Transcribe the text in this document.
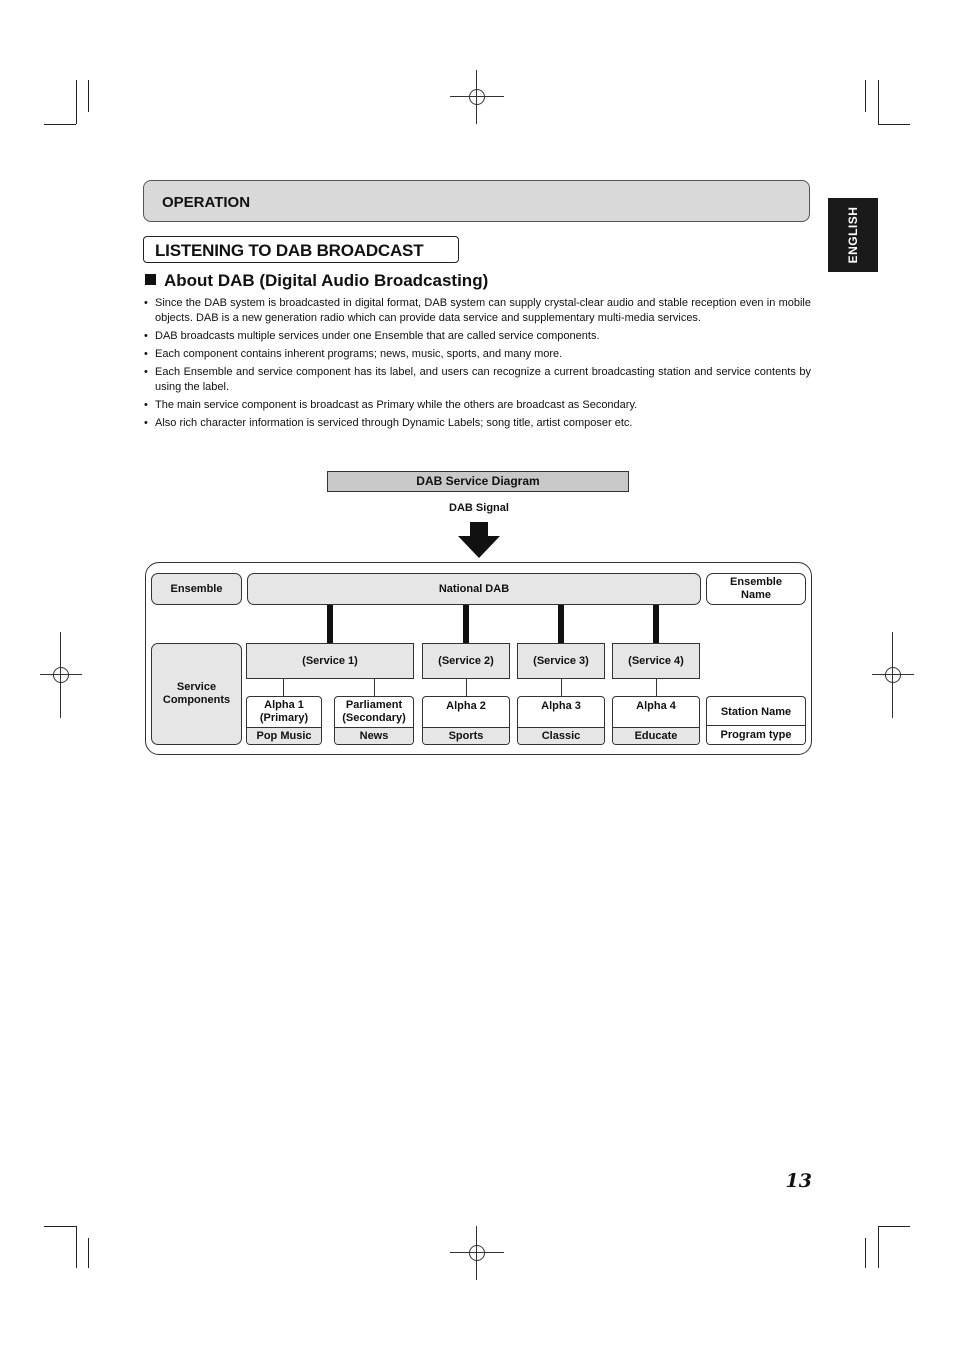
OPERATION
ENGLISH
LISTENING TO DAB BROADCAST
About DAB (Digital Audio Broadcasting)
• Since the DAB system is broadcasted in digital format, DAB system can supply crystal-clear audio and stable reception even in mobile objects. DAB is a new generation radio which can provide data service and supplementary multi-media services.
• DAB broadcasts multiple services under one Ensemble that are called service components.
• Each component contains inherent programs; news, music, sports, and many more.
• Each Ensemble and service component has its label, and users can recognize a current broadcasting station and service contents by using the label.
• The main service component is broadcast as Primary while the others are broadcast as Secondary.
• Also rich character information is serviced through Dynamic Labels; song title, artist composer etc.
DAB Service Diagram
DAB Signal
Ensemble	National DAB
Ensemble Name
Service Components
(Service 1)	(Service 2)	(Service 3)	(Service 4)
Alpha 1 (Primary)
Pop Music
Parliament (Secondary)
News
Alpha 2
Sports
Alpha 3
Classic
Alpha 4
Educate
Station Name
Program type
13
